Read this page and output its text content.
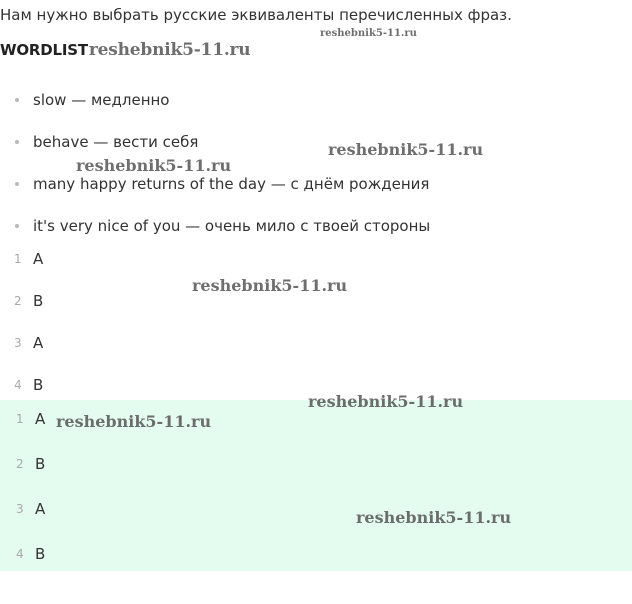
Нам нужно выбрать русские эквиваленты перечисленных фраз.
WORDLISTreshebnik5-11.ru
slow — медленно
behave — вести себя
many happy returns of the day — с днём рождения
it's very nice of you — очень мило с твоей стороны
1 A
2 B
3 A
4 B
1 A
2 B
3 A
4 B
reshebnik5-11.ru
reshebnik5-11.ru
reshebnik5-11.ru
reshebnik5-11.ru
reshebnik5-11.ru
reshebnik5-11.ru
reshebnik5-11.ru
